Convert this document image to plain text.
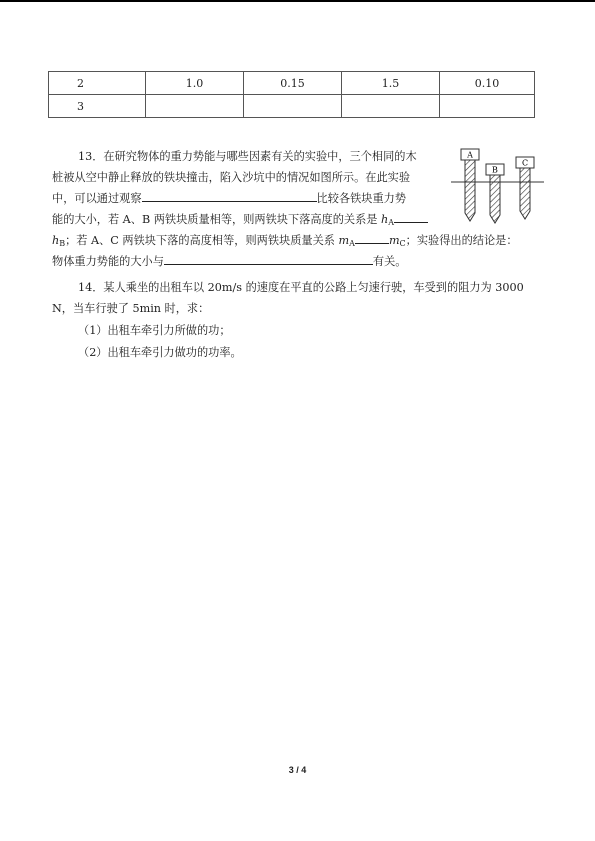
2	1.0	0.15	1.5	0.10
3				
13．在研究物体的重力势能与哪些因素有关的实验中，三个相同的木
桩被从空中静止释放的铁块撞击，陷入沙坑中的情况如图所示。在此实验
中，可以通过观察	比较各铁块重力势
能的大小，若 A、B 两铁块质量相等，则两铁块下落高度的关系是 $h_A$
$h_B$；若 A、C 两铁块下落的高度相等，则两铁块质量关系 $m_A$	$m_C$；实验得出的结论是：
物体重力势能的大小与	有关。
A
B
C
14．某人乘坐的出租车以 20m/s 的速度在平直的公路上匀速行驶，车受到的阻力为 3000
N，当车行驶了 5min 时，求：
（1）出租车牵引力所做的功；
（2）出租车牵引力做功的功率。
3 / 4
